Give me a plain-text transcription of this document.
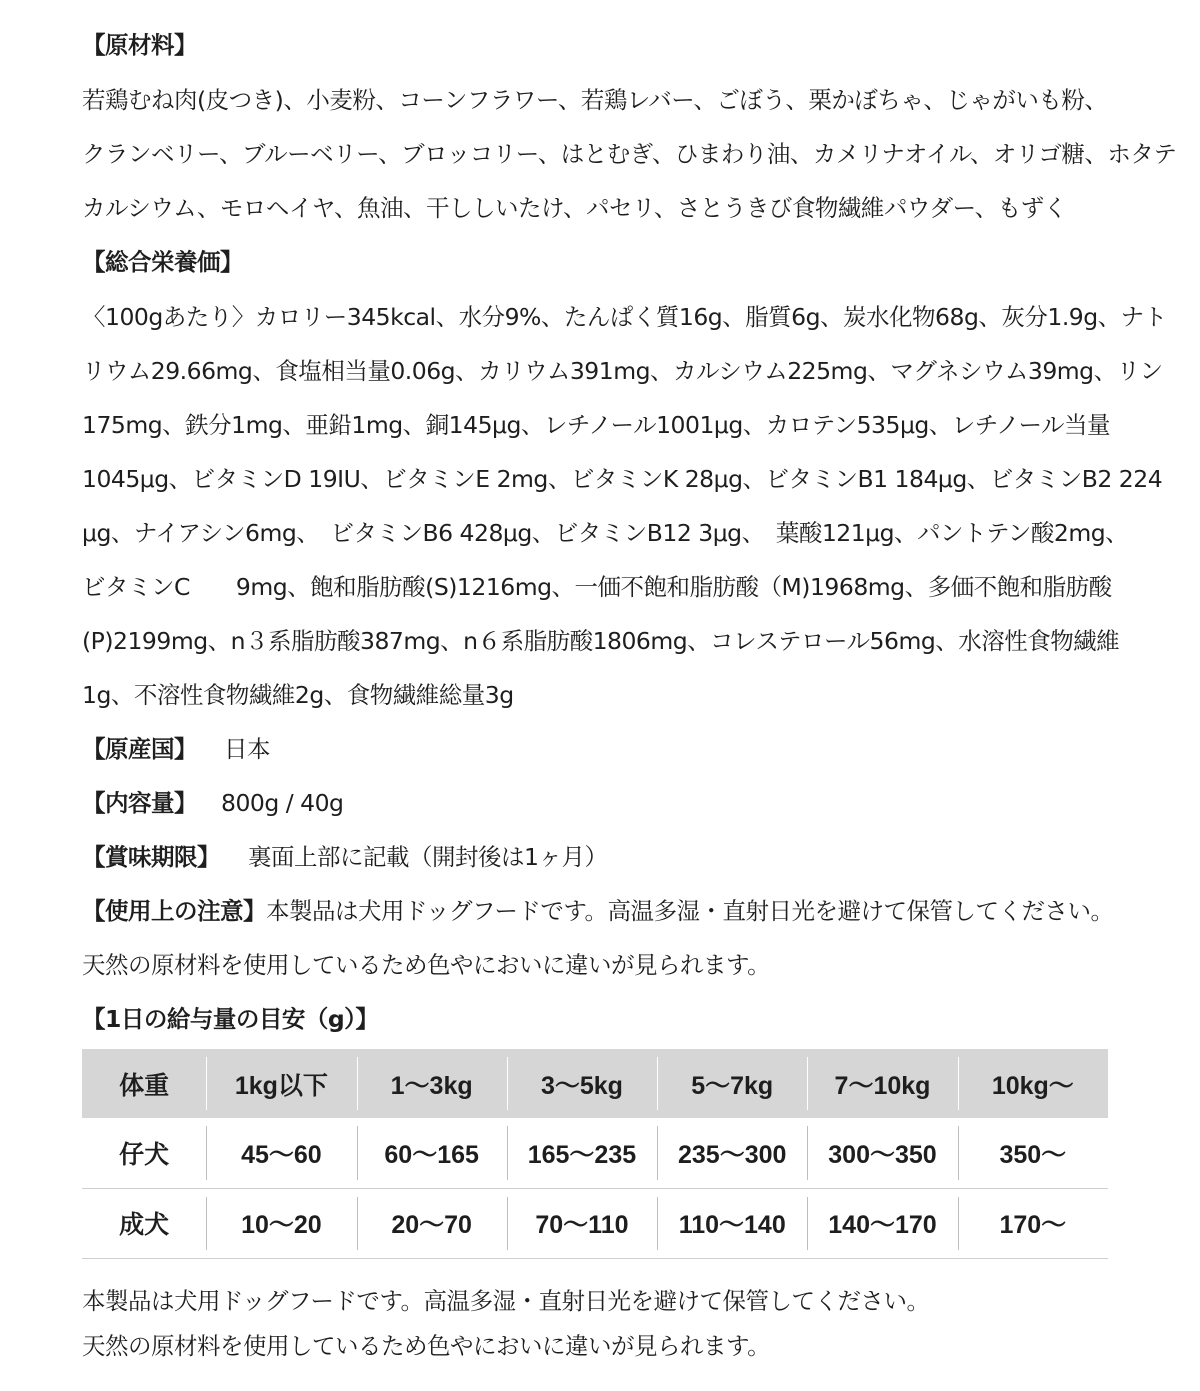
【原材料】
若鶏むね肉(皮つき)、小麦粉、コーンフラワー、若鶏レバー、ごぼう、栗かぼちゃ、じゃがいも粉、
クランベリー、ブルーベリー、ブロッコリー、はとむぎ、ひまわり油、カメリナオイル、オリゴ糖、ホタテ
カルシウム、モロヘイヤ、魚油、干ししいたけ、パセリ、さとうきび食物繊維パウダー、もずく
【総合栄養価】
〈100gあたり〉カロリー345kcal、水分9%、たんぱく質16g、脂質6g、炭水化物68g、灰分1.9g、ナト
リウム29.66mg、食塩相当量0.06g、カリウム391mg、カルシウム225mg、マグネシウム39mg、リン
175mg、鉄分1mg、亜鉛1mg、銅145μg、レチノール1001μg、カロテン535μg、レチノール当量
1045μg、ビタミンD 19IU、ビタミンE 2mg、ビタミンK 28μg、ビタミンB1 184μg、ビタミンB2 224
μg、ナイアシン6mg、　ビタミンB6 428μg、ビタミンB12 3μg、　葉酸121μg、パントテン酸2mg、
ビタミンC　　9mg、飽和脂肪酸(S)1216mg、一価不飽和脂肪酸（M)1968mg、多価不飽和脂肪酸
(P)2199mg、n３系脂肪酸387mg、n６系脂肪酸1806mg、コレステロール56mg、水溶性食物繊維
1g、不溶性食物繊維2g、食物繊維総量3g
【原産国】 日本
【内容量】 800g / 40g
【賞味期限】 裏面上部に記載（開封後は1ヶ月）
【使用上の注意】本製品は犬用ドッグフードです。高温多湿・直射日光を避けて保管してください。
天然の原材料を使用しているため色やにおいに違いが見られます。
【1日の給与量の目安（g）】
体重	1kg以下	1〜3kg	3〜5kg	5〜7kg	7〜10kg	10kg〜
仔犬	45〜60	60〜165	165〜235	235〜300	300〜350	350〜
成犬	10〜20	20〜70	70〜110	110〜140	140〜170	170〜
本製品は犬用ドッグフードです。高温多湿・直射日光を避けて保管してください。
天然の原材料を使用しているため色やにおいに違いが見られます。
